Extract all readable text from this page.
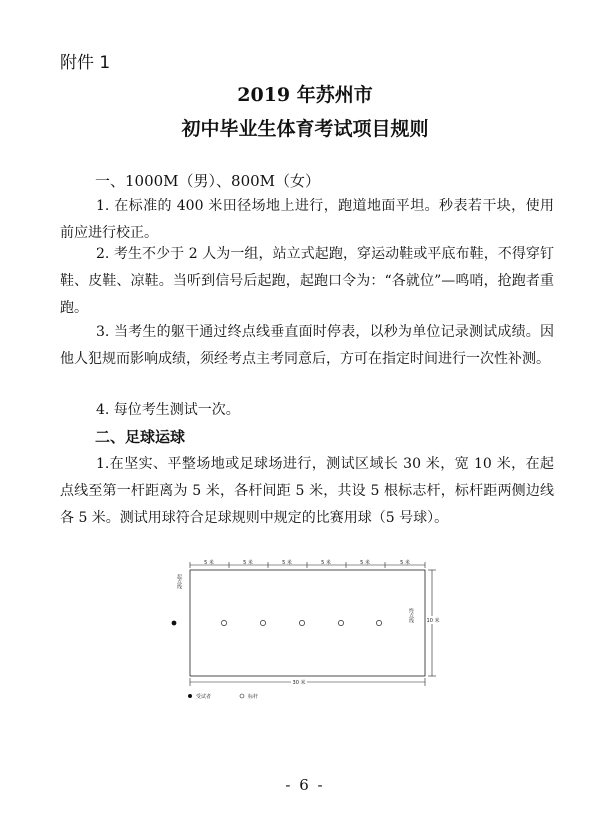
附件 1
2019 年苏州市
初中毕业生体育考试项目规则
一、1000M（男）、800M（女）

1. 在标准的 400 米田径场地上进行，跑道地面平坦。秒表若干块，使用前应进行校正。

2. 考生不少于 2 人为一组，站立式起跑，穿运动鞋或平底布鞋，不得穿钉鞋、皮鞋、凉鞋。当听到信号后起跑，起跑口令为：“各就位”—鸣哨，抢跑者重跑。

3. 当考生的躯干通过终点线垂直面时停表，以秒为单位记录测试成绩。因他人犯规而影响成绩，须经考点主考同意后，方可在指定时间进行一次性补测。

4. 每位考生测试一次。

二、足球运球

1.在坚实、平整场地或足球场进行，测试区域长 30 米，宽 10 米，在起点线至第一杆距离为 5 米，各杆间距 5 米，共设 5 根标志杆，标杆距两侧边线各 5 米。测试用球符合足球规则中规定的比赛用球（5 号球）。

5 米	5 米	5 米	5 米	5 米	5 米
起点线
终点线	10 米
30 米
受试者	标杆
- 6 -
